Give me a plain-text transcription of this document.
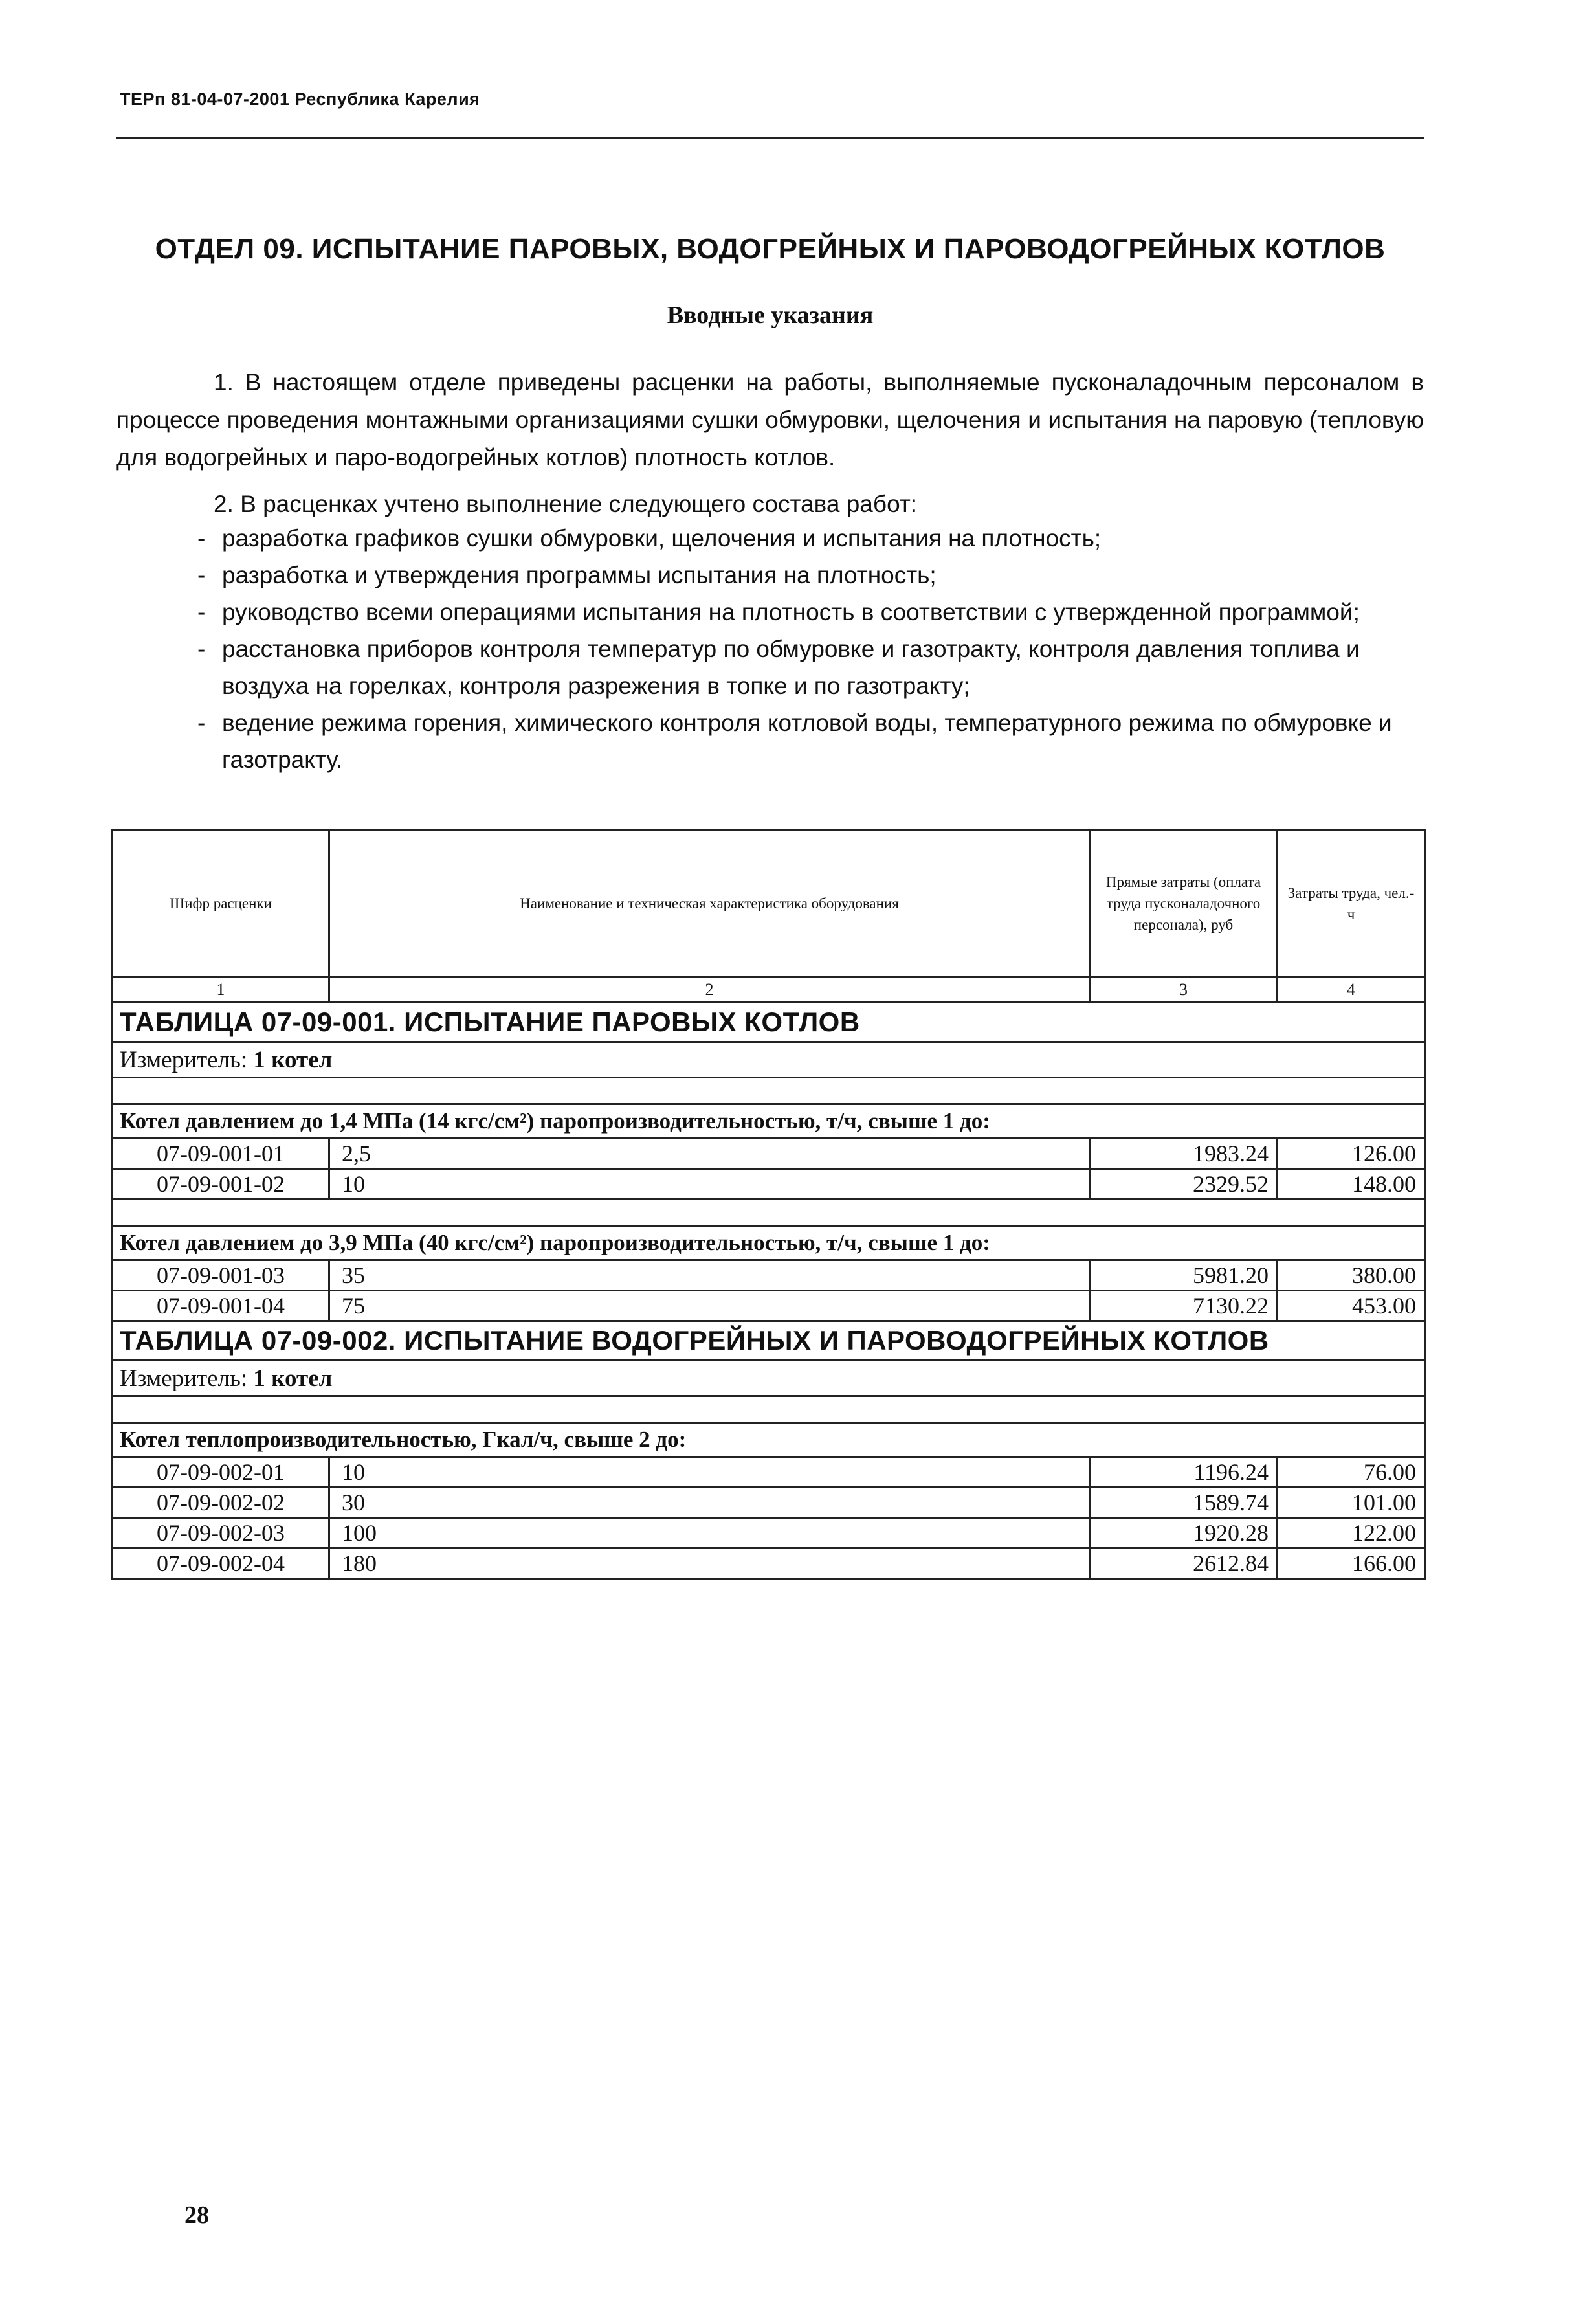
ТЕРп 81-04-07-2001 Республика Карелия
ОТДЕЛ 09. ИСПЫТАНИЕ ПАРОВЫХ, ВОДОГРЕЙНЫХ И ПАРОВОДОГРЕЙНЫХ КОТЛОВ
Вводные указания
1. В настоящем отделе приведены расценки на работы, выполняемые пусконаладочным персоналом в процессе проведения монтажными организациями сушки обмуровки, щелочения и испытания на паровую (тепловую для водогрейных и паро-водогрейных котлов) плотность котлов.
2. В расценках учтено выполнение следующего состава работ:
- разработка графиков сушки обмуровки, щелочения и испытания на плотность;
- разработка и утверждения программы испытания на плотность;
- руководство всеми операциями испытания на плотность в соответствии с утвержденной программой;
- расстановка приборов контроля температур по обмуровке и газотракту, контроля давления топлива и воздуха на горелках, контроля разрежения в топке и по газотракту;
- ведение режима горения, химического контроля котловой воды, температурного режима по обмуровке и газотракту.
Шифр расценки	Наименование и техническая характеристика оборудования	Прямые затраты (оплата труда пусконаладочного персонала), руб	Затраты труда, чел.-ч
1	2	3	4
ТАБЛИЦА 07-09-001. ИСПЫТАНИЕ ПАРОВЫХ КОТЛОВ			
Измеритель: 1 котел			

Котел давлением до 1,4 МПа (14 кгс/см²) паропроизводительностью, т/ч, свыше 1 до:			
07-09-001-01	2,5	1983.24	126.00
07-09-001-02	10	2329.52	148.00

Котел давлением до 3,9 МПа (40 кгс/см²) паропроизводительностью, т/ч, свыше 1 до:			
07-09-001-03	35	5981.20	380.00
07-09-001-04	75	7130.22	453.00
ТАБЛИЦА 07-09-002. ИСПЫТАНИЕ ВОДОГРЕЙНЫХ И ПАРОВОДОГРЕЙНЫХ КОТЛОВ			
Измеритель: 1 котел			

Котел теплопроизводительностью, Гкал/ч, свыше 2 до:			
07-09-002-01	10	1196.24	76.00
07-09-002-02	30	1589.74	101.00
07-09-002-03	100	1920.28	122.00
07-09-002-04	180	2612.84	166.00
28
